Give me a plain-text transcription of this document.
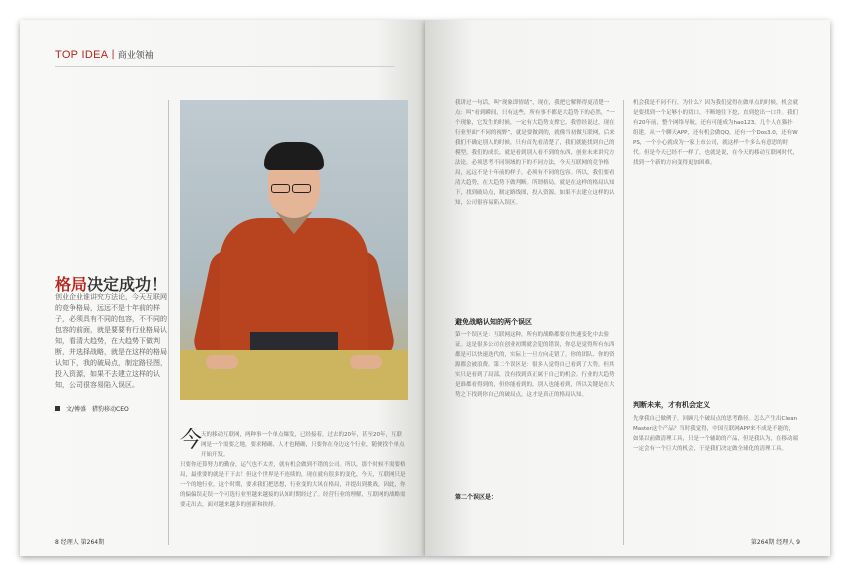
TOP IDEA | 商业领袖
格局决定成功！
创业企业谁讲究方法论，今天互联网的竞争格局，远远不是十年前的样子，必须具有不同的包容，不不同的包容的前面，就是要要有行业格局认知，看清大趋势，在大趋势下做判断，并选择战略，就是在这样的格局认知下，我的破局点，制定路径图，投入资源，如果不去建立这样的认知，公司很容易陷入误区。
文/傅盛 猎豹移动CEO
今
天的移动互联网，两种事一个单点爆发，已经接着，过去的20年，甚至20年，互联网是一个需要之地，要求精确、人才也精确，只要你在身边这个行业，随便找个单点开始开发。
只要你还算努力的勤奋，运气也不太差，就有机会做到不错的公司。所以，那个时候不需要格局，最重要的就是干下去！但这个世界是不连续的，现在就有很多的变化，今天，互联网只是一个的地行业，这个时期，要求我们把思想，行业变的大风在格局，并提出到挑战，因此，你的偏偏误走误一个可选行业里越来越接的认知时期经过了。经营行业的理解，互联网的战略需要走出去，面对越来越多的创新和抉择。
8 经理人 第264期
我讲过一句话，叫“现象即情绪”，现在，我把它解释得更清楚一点：叫“看到瞬间，只有这些，所有事不都是大趋势下的必然，“一个现象，它发生的时候，一定有大趋势支撑它。我曾经说过，现在行业里面“不同的视野”，就是要做到的，就像当初做互联网，后来我们不确定别人的时候，只有首先看清楚了，我们就能找到自己的模型。我们的成长，就是看到别人看不到的东西，创业未来讲究方法论，必须思考不同领域的下的不同方法，今天互联网的竞争格局，远远不是十年前的样子，必须有不同的包容。所以，我们要看清大趋势，在大趋势下做判断。所谓格局，就是在这样的格局认知下，找到破局点，制定路线图，投入资源。如果不去建立这样的认知，公司很容易陷入误区。
避免战略认知的两个误区
第一个误区是：互联网这种，所有的战略都要在快速变化中去验证。这是很多公司在创业初期就会犯的错误，你总是觉得所有东西都是可以快速迭代的，实际上一旦方向走错了，你的团队、你的资源都会被浪费。第二个误区是：很多人觉得自己看到了大势，但其实只是看到了局部，没有找到真正属于自己的机会。行业的大趋势是谁都看得到的，但你能看到的，别人也能看到，所以关键是在大势之下找到你自己的破局点，这才是真正的格局认知。
第二个误区是：
机会我是不同不行，为什么？因为我们觉得在做单点的时候，机会就是要找到一个足够小的切口，不断地往下挖，直到挖出一口井。我们有20年前，整个网络导航，还有可能成为hao123。几个人在猫扑组建，从一个聊天APP，还有机会做QQ，还有一个Dos3.0，还有WPS，一个小心就成为一家上市公司，就这样一个多么有意思的时代。但是今天已经不一样了，也就是说，在今天的移动互联网时代，找到一个新的方向变得更加困难。
判断未来，才有机会定义
先拿我自己做例子，回顾几个破局点的思考路径。怎么产生出Clean Master这个产品？当时我觉得，中国互联网APP来不成是不能的，如果以前做清理工具，只是一个辅助的产品，但是我认为，在移动端一定会有一个巨大的机会，于是我们决定做全球化的清理工具。
第264期 经理人 9
